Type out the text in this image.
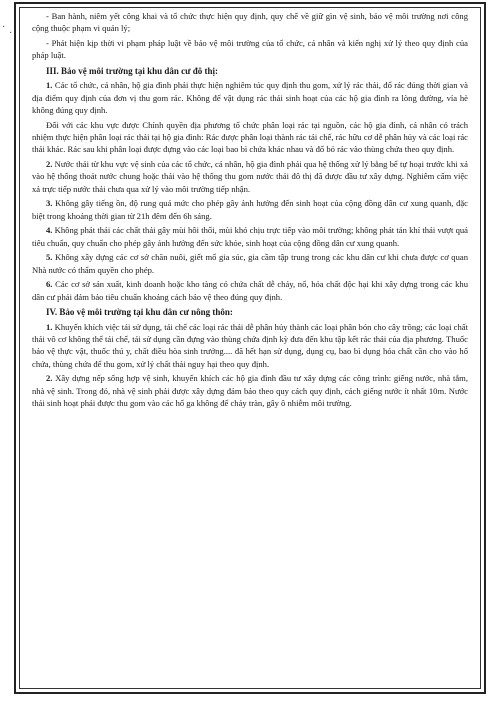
·
·

- Ban hành, niêm yết công khai và tổ chức thực hiện quy định, quy chế về giữ gìn vệ sinh, bảo vệ môi trường nơi công cộng thuộc phạm vi quản lý;

- Phát hiện kịp thời vi phạm pháp luật về bảo vệ môi trường của tổ chức, cá nhân và kiến nghị xử lý theo quy định của pháp luật.

III. Bảo vệ môi trường tại khu dân cư đô thị:

1. Các tổ chức, cá nhân, hộ gia đình phải thực hiện nghiêm túc quy định thu gom, xử lý rác thải, đổ rác đúng thời gian và địa điểm quy định của đơn vị thu gom rác. Không để vật dụng rác thải sinh hoạt của các hộ gia đình ra lòng đường, vỉa hè không đúng quy định.

Đối với các khu vực được Chính quyền địa phương tổ chức phân loại rác tại nguồn, các hộ gia đình, cá nhân có trách nhiệm thực hiện phân loại rác thải tại hộ gia đình: Rác được phân loại thành rác tái chế, rác hữu cơ dễ phân hủy và các loại rác thải khác. Rác sau khi phân loại được đựng vào các loại bao bì chứa khác nhau và đổ bỏ rác vào thùng chứa theo quy định.

2. Nước thải từ khu vực vệ sinh của các tổ chức, cá nhân, hộ gia đình phải qua hệ thống xử lý bằng bể tự hoại trước khi xả vào hệ thống thoát nước chung hoặc thải vào hệ thống thu gom nước thải đô thị đã được đầu tư xây dựng. Nghiêm cấm việc xả trực tiếp nước thải chưa qua xử lý vào môi trường tiếp nhận.

3. Không gây tiếng ồn, độ rung quá mức cho phép gây ảnh hưởng đến sinh hoạt của cộng đồng dân cư xung quanh, đặc biệt trong khoảng thời gian từ 21h đêm đến 6h sáng.

4. Không phát thải các chất thải gây mùi hôi thối, mùi khó chịu trực tiếp vào môi trường; không phát tán khí thải vượt quá tiêu chuẩn, quy chuẩn cho phép gây ảnh hưởng đến sức khỏe, sinh hoạt của cộng đồng dân cư xung quanh.

5. Không xây dựng các cơ sở chăn nuôi, giết mổ gia súc, gia cầm tập trung trong các khu dân cư khi chưa được cơ quan Nhà nước có thẩm quyền cho phép.

6. Các cơ sở sản xuất, kinh doanh hoặc kho tàng có chứa chất dễ cháy, nổ, hóa chất độc hại khi xây dựng trong các khu dân cư phải đảm bảo tiêu chuẩn khoảng cách bảo vệ theo đúng quy định.

IV. Bảo vệ môi trường tại khu dân cư nông thôn:

1. Khuyến khích việc tái sử dụng, tái chế các loại rác thải dễ phân hủy thành các loại phân bón cho cây trồng; các loại chất thải vô cơ không thể tái chế, tái sử dụng cần đựng vào thùng chứa định kỳ đưa đến khu tập kết rác thải của địa phương. Thuốc bảo vệ thực vật, thuốc thú y, chất điều hòa sinh trưởng.... đã hết hạn sử dụng, dụng cụ, bao bì dụng hóa chất cần cho vào hố chứa, thùng chứa để thu gom, xử lý chất thải nguy hại theo quy định.

2. Xây dựng nếp sống hợp vệ sinh, khuyến khích các hộ gia đình đầu tư xây dựng các công trình: giếng nước, nhà tắm, nhà vệ sinh. Trong đó, nhà vệ sinh phải được xây dựng đảm bảo theo quy cách quy định, cách giếng nước ít nhất 10m. Nước thải sinh hoạt phải được thu gom vào các hố ga không để chảy tràn, gây ô nhiễm môi trường.
